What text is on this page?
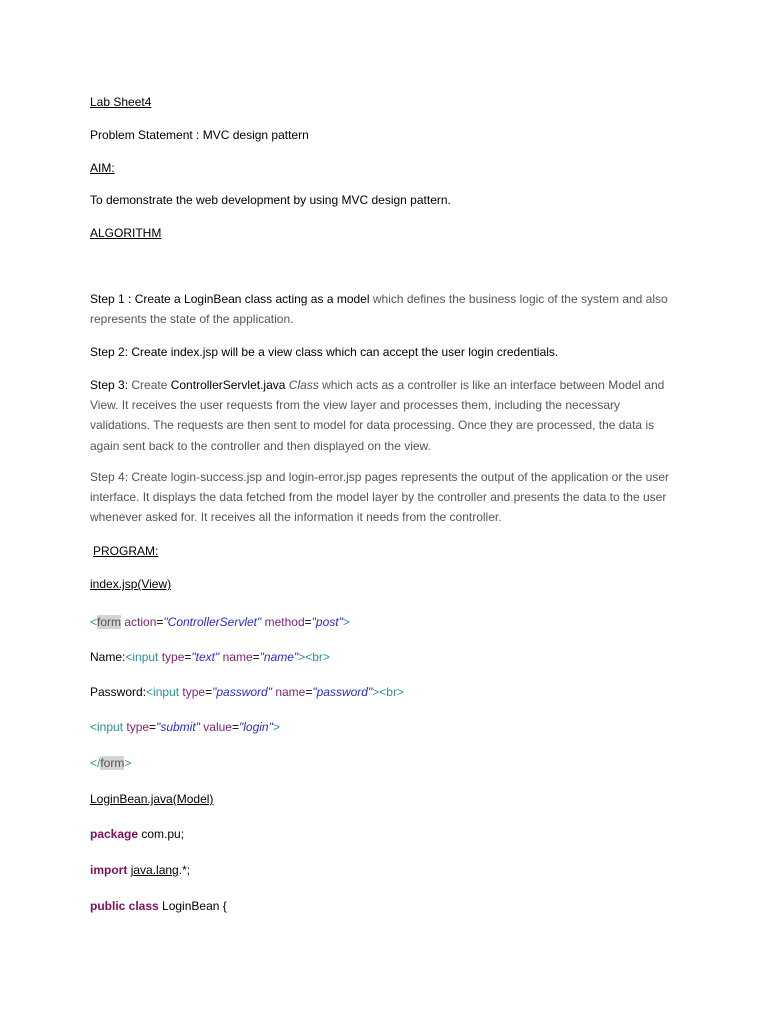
Lab Sheet4
Problem Statement : MVC design pattern
AIM:
To demonstrate the web development by using MVC design pattern.
ALGORITHM
Step 1 : Create a LoginBean class acting as a model which defines the business logic of the system and also represents the state of the application.
Step 2: Create index.jsp will be a view class which can accept the user login credentials.
Step 3: Create ControllerServlet.java Class which acts as a controller is like an interface between Model and View. It receives the user requests from the view layer and processes them, including the necessary validations. The requests are then sent to model for data processing. Once they are processed, the data is again sent back to the controller and then displayed on the view.
Step 4: Create login-success.jsp and login-error.jsp pages represents the output of the application or the user interface. It displays the data fetched from the model layer by the controller and presents the data to the user whenever asked for. It receives all the information it needs from the controller.
PROGRAM:
index.jsp(View)
<form action="ControllerServlet" method="post">
Name:<input type="text" name="name"><br>
Password:<input type="password" name="password"><br>
<input type="submit" value="login">
</form>
LoginBean.java(Model)
package com.pu;
import java.lang.*;
public class LoginBean {
